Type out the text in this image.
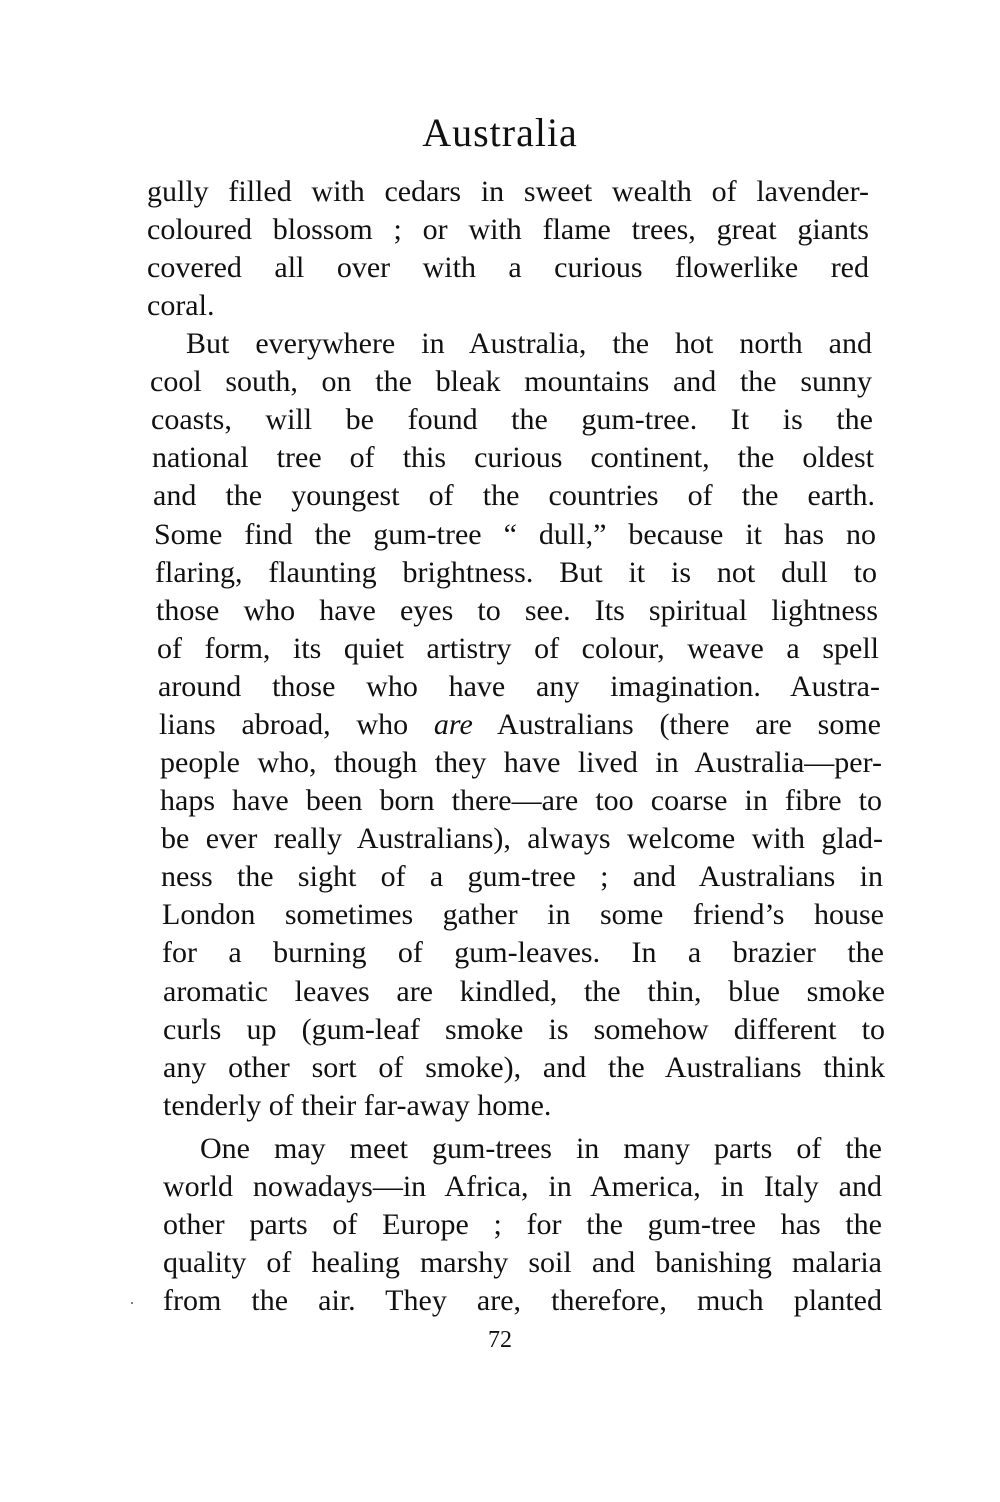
Australia
gully filled with cedars in sweet wealth of lavender-
coloured blossom ; or with flame trees, great giants
covered all over with a curious flowerlike red
coral.
But everywhere in Australia, the hot north and
cool south, on the bleak mountains and the sunny
coasts, will be found the gum-tree. It is the
national tree of this curious continent, the oldest
and the youngest of the countries of the earth.
Some find the gum-tree “ dull,” because it has no
flaring, flaunting brightness. But it is not dull to
those who have eyes to see. Its spiritual lightness
of form, its quiet artistry of colour, weave a spell
around those who have any imagination. Austra-
lians abroad, who are Australians (there are some
people who, though they have lived in Australia—per-
haps have been born there—are too coarse in fibre to
be ever really Australians), always welcome with glad-
ness the sight of a gum-tree ; and Australians in
London sometimes gather in some friend’s house
for a burning of gum-leaves. In a brazier the
aromatic leaves are kindled, the thin, blue smoke
curls up (gum-leaf smoke is somehow different to
any other sort of smoke), and the Australians think
tenderly of their far-away home.
One may meet gum-trees in many parts of the
world nowadays—in Africa, in America, in Italy and
other parts of Europe ; for the gum-tree has the
quality of healing marshy soil and banishing malaria
from the air. They are, therefore, much planted
72
